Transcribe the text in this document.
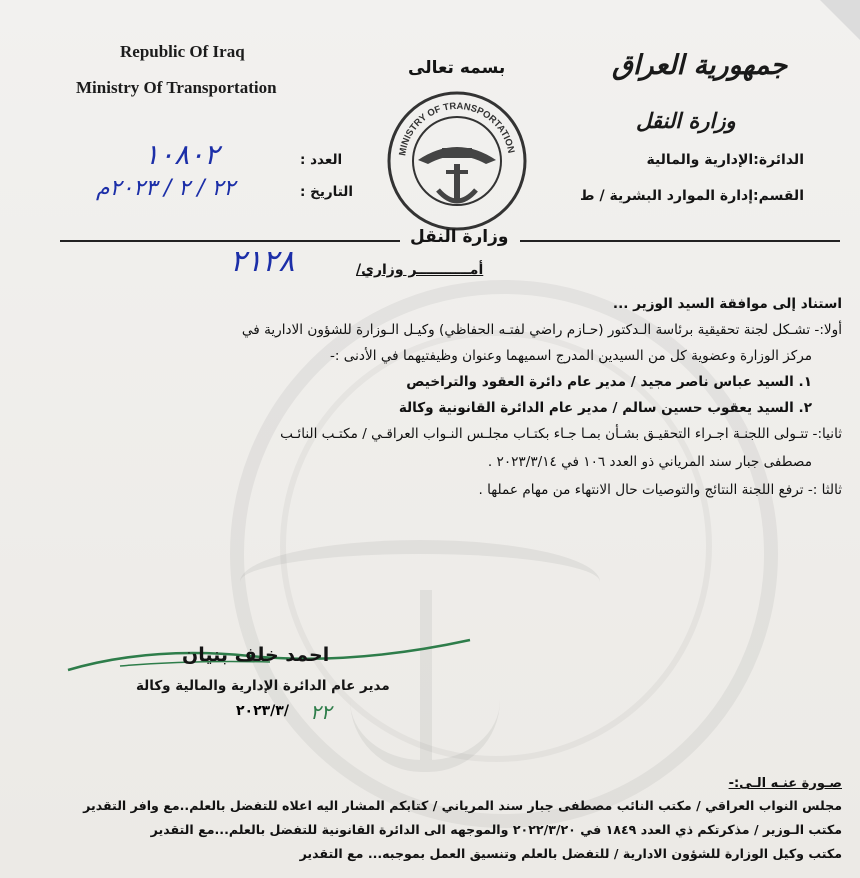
Republic Of Iraq
Ministry Of Transportation
بسمه تعالى	جمهورية العراق
وزارة النقل
الدائرة:الإدارية والمالية
القسم:إدارة الموارد البشرية / ط
العدد :
١٠٨٠٢
التاريخ :
٢٢ / ٢ / ٢٠٢٣م
MINISTRY OF TRANSPORTATION
وزارة النقل
أمـــــــــــر وزاري/
٢١٢٨
استناد إلى موافقة السيد الوزير ...
أولا:- تشـكل لجنة تحقيقية برئاسة الـدكتور (حـازم راضي لفتـه الحفاظي) وكيـل الـوزارة للشؤون الادارية في
مركز الوزارة وعضوية كل من السيدين المدرج اسميهما وعنوان وظيفتيهما في الأدنى :-
١. السيد عباس ناصر مجيد / مدير عام دائرة العقود والتراخيص
٢. السيد يعقوب حسين سالم / مدير عام الدائرة القانونية وكالة
ثانيا:- تتـولى اللجنـة اجـراء التحقيـق بشـأن بمـا جـاء بكتـاب مجلـس النـواب العراقـي / مكتـب النائـب
مصطفى جبار سند المرياني ذو العدد ١٠٦ في ٢٠٢٣/٣/١٤ .
ثالثا :- ترفع اللجنة النتائج والتوصيات حال الانتهاء من مهام عملها .
احمد خلف بنيان
مدير عام الدائرة الإدارية والمالية وكالة
٢٠٢٣/٣/ ٢٢
صـورة عنـه الـى:-
مجلس النواب العراقي / مكتب النائب مصطفى جبار سند المرياني / كتابكم المشار اليه اعلاه للتفضل بالعلم..مع وافر التقدير
مكتب الـوزير / مذكرتكم ذي العدد ١٨٤٩ في ٢٠٢٢/٣/٢٠ والموجهه الى الدائرة القانونية للتفضل بالعلم...مع التقدير
مكتب وكيل الوزارة للشؤون الادارية / للتفضل بالعلم وتنسيق العمل بموجبه... مع التقدير
